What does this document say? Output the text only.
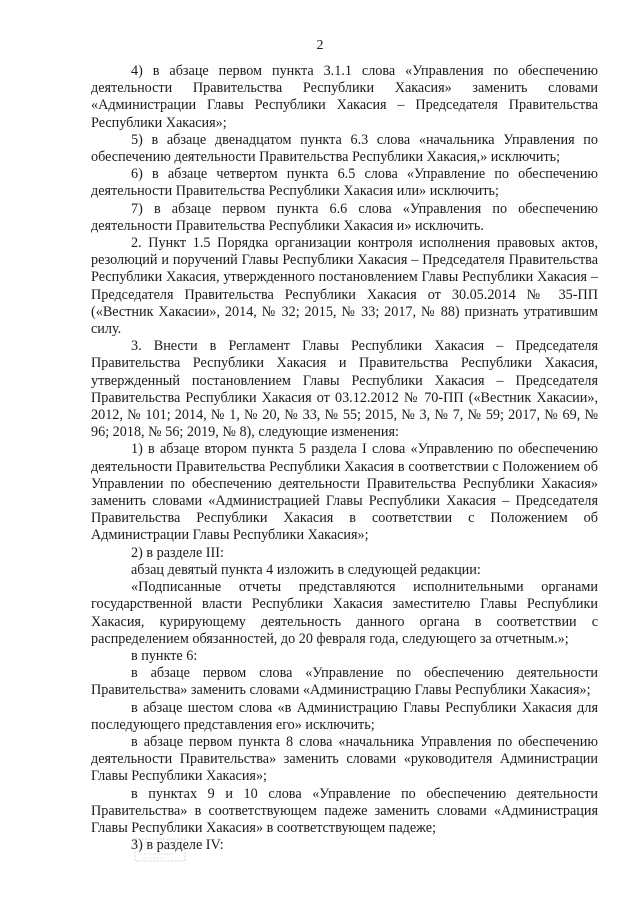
2

4) в абзаце первом пункта 3.1.1 слова «Управления по обеспечению деятельности Правительства Республики Хакасия» заменить словами «Администрации Главы Республики Хакасия – Председателя Правительства Республики Хакасия»;

5) в абзаце двенадцатом пункта 6.3 слова «начальника Управления по обеспечению деятельности Правительства Республики Хакасия,» исключить;

6) в абзаце четвертом пункта 6.5 слова «Управление по обеспечению деятельности Правительства Республики Хакасия или» исключить;

7) в абзаце первом пункта 6.6 слова «Управления по обеспечению деятельности Правительства Республики Хакасия и» исключить.

2. Пункт 1.5 Порядка организации контроля исполнения правовых актов, резолюций и поручений Главы Республики Хакасия – Председателя Правительства Республики Хакасия, утвержденного постановлением Главы Республики Хакасия – Председателя Правительства Республики Хакасия от 30.05.2014 № 35-ПП («Вестник Хакасии», 2014, № 32; 2015, № 33; 2017, № 88) признать утратившим силу.

3. Внести в Регламент Главы Республики Хакасия – Председателя Правительства Республики Хакасия и Правительства Республики Хакасия, утвержденный постановлением Главы Республики Хакасия – Председателя Правительства Республики Хакасия от 03.12.2012 № 70-ПП («Вестник Хакасии», 2012, № 101; 2014, № 1, № 20, № 33, № 55; 2015, № 3, № 7, № 59; 2017, № 69, № 96; 2018, № 56; 2019, № 8), следующие изменения:

1) в абзаце втором пункта 5 раздела I слова «Управлению по обеспечению деятельности Правительства Республики Хакасия в соответствии с Положением об Управлении по обеспечению деятельности Правительства Республики Хакасия» заменить словами «Администрацией Главы Республики Хакасия – Председателя Правительства Республики Хакасия в соответствии с Положением об Администрации Главы Республики Хакасия»;

2) в разделе III:

абзац девятый пункта 4 изложить в следующей редакции:

«Подписанные отчеты представляются исполнительными органами государственной власти Республики Хакасия заместителю Главы Республики Хакасия, курирующему деятельность данного органа в соответствии с распределением обязанностей, до 20 февраля года, следующего за отчетным.»;

в пункте 6:

в абзаце первом слова «Управление по обеспечению деятельности Правительства» заменить словами «Администрацию Главы Республики Хакасия»;

в абзаце шестом слова «в Администрацию Главы Республики Хакасия для последующего представления его» исключить;

в абзаце первом пункта 8 слова «начальника Управления по обеспечению деятельности Правительства» заменить словами «руководителя Администрации Главы Республики Хакасия»;

в пунктах 9 и 10 слова «Управление по обеспечению деятельности Правительства» в соответствующем падеже заменить словами «Администрация Главы Республики Хакасия» в соответствующем падеже;

3) в разделе IV:
